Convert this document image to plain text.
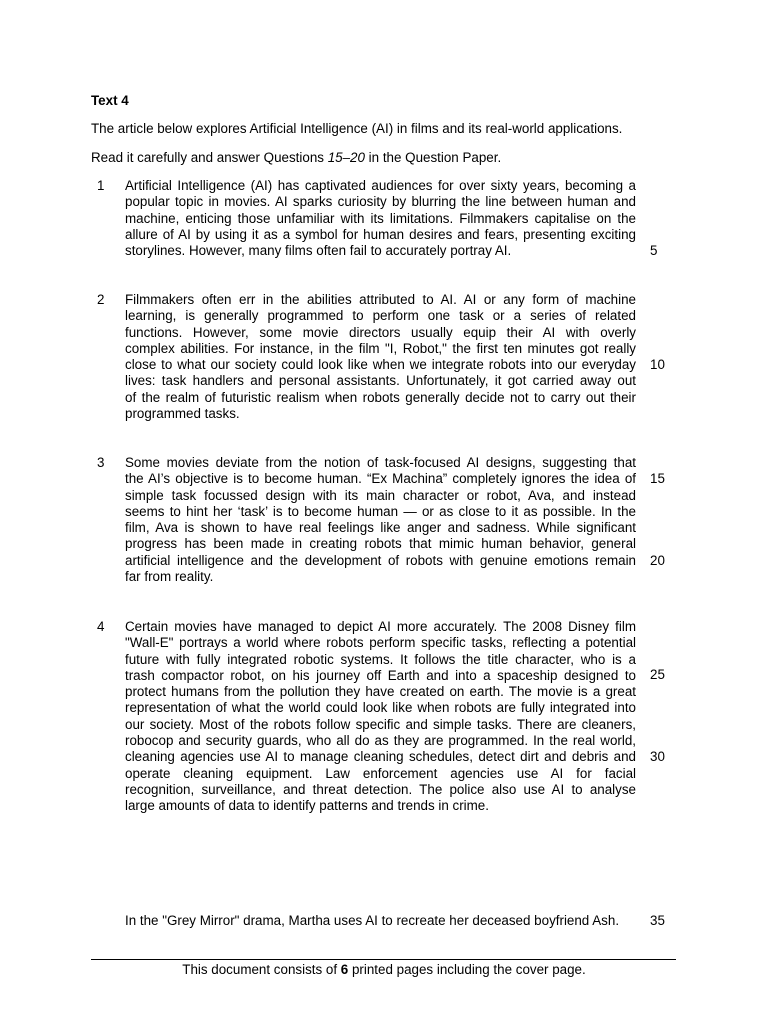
Text 4
The article below explores Artificial Intelligence (AI) in films and its real-world applications.
Read it carefully and answer Questions 15–20 in the Question Paper.
1 Artificial Intelligence (AI) has captivated audiences for over sixty years, becoming a
popular topic in movies. AI sparks curiosity by blurring the line between human and
machine, enticing those unfamiliar with its limitations. Filmmakers capitalise on the
allure of AI by using it as a symbol for human desires and fears, presenting exciting
storylines. However, many films often fail to accurately portray AI.
2 Filmmakers often err in the abilities attributed to AI. AI or any form of machine
learning, is generally programmed to perform one task or a series of related
functions. However, some movie directors usually equip their AI with overly
complex abilities. For instance, in the film "I, Robot," the first ten minutes got really
close to what our society could look like when we integrate robots into our everyday
lives: task handlers and personal assistants. Unfortunately, it got carried away out
of the realm of futuristic realism when robots generally decide not to carry out their
programmed tasks.
3 Some movies deviate from the notion of task-focused AI designs, suggesting that
the AI’s objective is to become human. “Ex Machina” completely ignores the idea of
simple task focussed design with its main character or robot, Ava, and instead
seems to hint her ‘task’ is to become human — or as close to it as possible. In the
film, Ava is shown to have real feelings like anger and sadness. While significant
progress has been made in creating robots that mimic human behavior, general
artificial intelligence and the development of robots with genuine emotions remain
far from reality.
4 Certain movies have managed to depict AI more accurately. The 2008 Disney film
"Wall-E" portrays a world where robots perform specific tasks, reflecting a potential
future with fully integrated robotic systems. It follows the title character, who is a
trash compactor robot, on his journey off Earth and into a spaceship designed to
protect humans from the pollution they have created on earth. The movie is a great
representation of what the world could look like when robots are fully integrated into
our society. Most of the robots follow specific and simple tasks. There are cleaners,
robocop and security guards, who all do as they are programmed. In the real world,
cleaning agencies use AI to manage cleaning schedules, detect dirt and debris and
operate cleaning equipment. Law enforcement agencies use AI for facial
recognition, surveillance, and threat detection. The police also use AI to analyse
large amounts of data to identify patterns and trends in crime.
In the "Grey Mirror" drama, Martha uses AI to recreate her deceased boyfriend Ash.
5
10
15
20
25
30
35
This document consists of 6 printed pages including the cover page.
